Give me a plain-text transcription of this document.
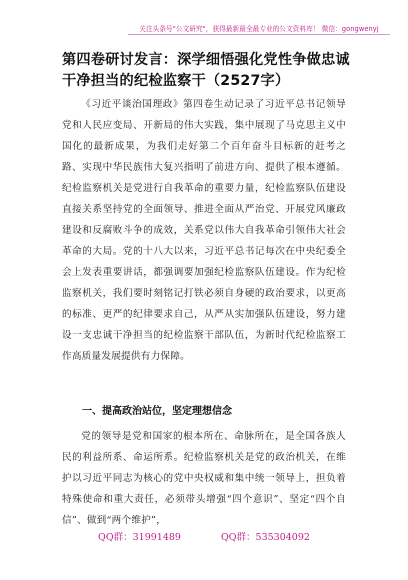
关注头条号"公文研究"，获得最新最全最专业的公文资料库！ 微信：gongwenyj
第四卷研讨发言：深学细悟强化党性争做忠诚干净担当的纪检监察干（2527字）

《习近平谈治国理政》第四卷生动记录了习近平总书记领导党和人民应变局、开新局的伟大实践，集中展现了马克思主义中国化的最新成果，为我们走好第二个百年奋斗目标新的赶考之路、实现中华民族伟大复兴指明了前进方向、提供了根本遵循。纪检监察机关是党进行自我革命的重要力量，纪检监察队伍建设直接关系坚持党的全面领导、推进全面从严治党、开展党风廉政建设和反腐败斗争的成效，关系党以伟大自我革命引领伟大社会革命的大局。党的十八大以来，习近平总书记每次在中央纪委全会上发表重要讲话，都强调要加强纪检监察队伍建设。作为纪检监察机关，我们要时刻铭记打铁必须自身硬的政治要求，以更高的标准、更严的纪律要求自己，从严从实加强队伍建设，努力建设一支忠诚干净担当的纪检监察干部队伍，为新时代纪检监察工作高质量发展提供有力保障。

一、提高政治站位，坚定理想信念

党的领导是党和国家的根本所在、命脉所在，是全国各族人民的利益所系、命运所系。纪检监察机关是党的政治机关，在维护以习近平同志为核心的党中央权威和集中统一领导上，担负着特殊使命和重大责任，必须带头增强“四个意识”、坚定“四个自信”、做到“两个维护”，

QQ群：31991489	QQ群：535304092
